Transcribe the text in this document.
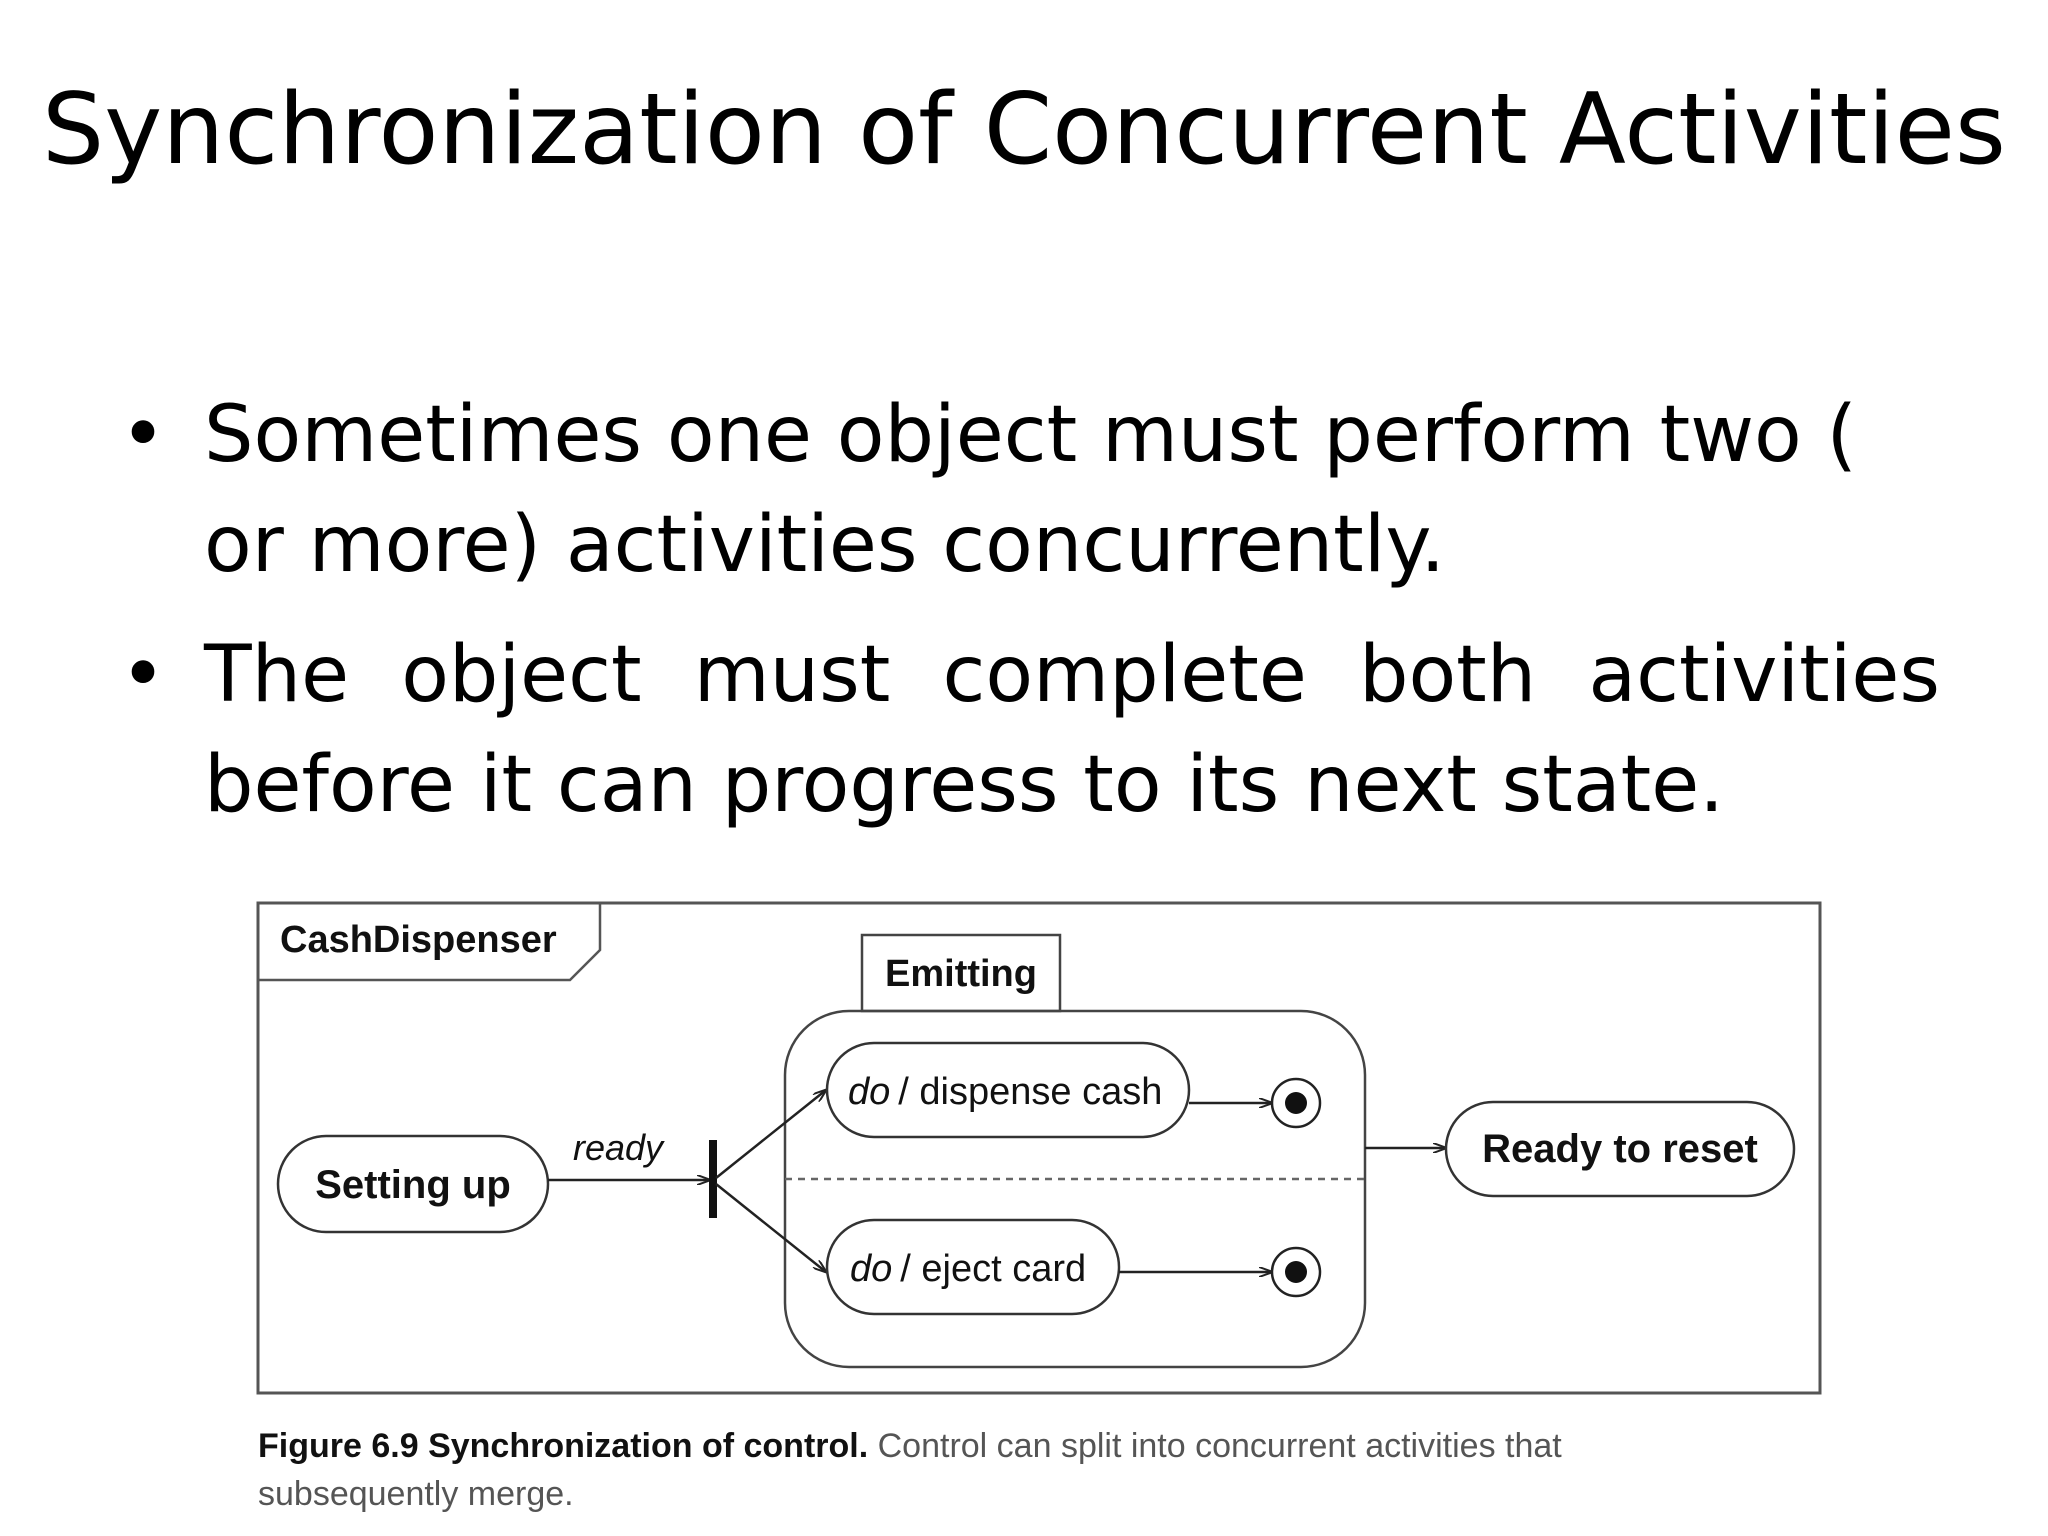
Synchronization of Concurrent Activities
• Sometimes one object must perform two ( or more) activities concurrently.
• The object must complete both activities before it can progress to its next state.
CashDispenser
Emitting
Setting up
ready
do / dispense cash
do / eject card
Ready to reset
Figure 6.9 Synchronization of control. Control can split into concurrent activities that subsequently merge.
